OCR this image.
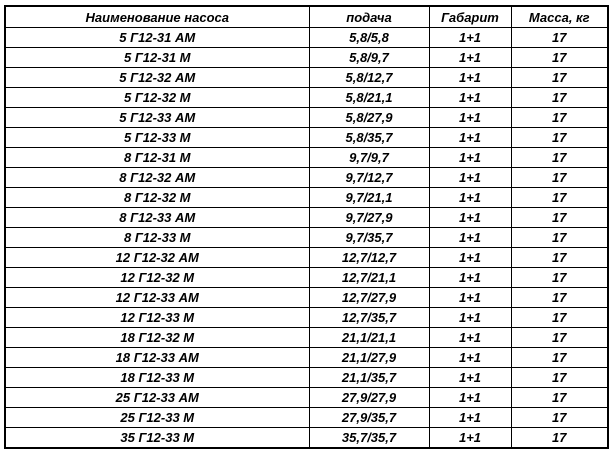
Наименование насоса	подача	Габарит	Масса, кг
5 Г12-31 АМ	5,8/5,8	1+1	17
5 Г12-31 М	5,8/9,7	1+1	17
5 Г12-32 АМ	5,8/12,7	1+1	17
5 Г12-32 М	5,8/21,1	1+1	17
5 Г12-33 АМ	5,8/27,9	1+1	17
5 Г12-33 М	5,8/35,7	1+1	17
8 Г12-31 М	9,7/9,7	1+1	17
8 Г12-32 АМ	9,7/12,7	1+1	17
8 Г12-32 М	9,7/21,1	1+1	17
8 Г12-33 АМ	9,7/27,9	1+1	17
8 Г12-33 М	9,7/35,7	1+1	17
12 Г12-32 АМ	12,7/12,7	1+1	17
12 Г12-32 М	12,7/21,1	1+1	17
12 Г12-33 АМ	12,7/27,9	1+1	17
12 Г12-33 М	12,7/35,7	1+1	17
18 Г12-32 М	21,1/21,1	1+1	17
18 Г12-33 АМ	21,1/27,9	1+1	17
18 Г12-33 М	21,1/35,7	1+1	17
25 Г12-33 АМ	27,9/27,9	1+1	17
25 Г12-33 М	27,9/35,7	1+1	17
35 Г12-33 М	35,7/35,7	1+1	17
